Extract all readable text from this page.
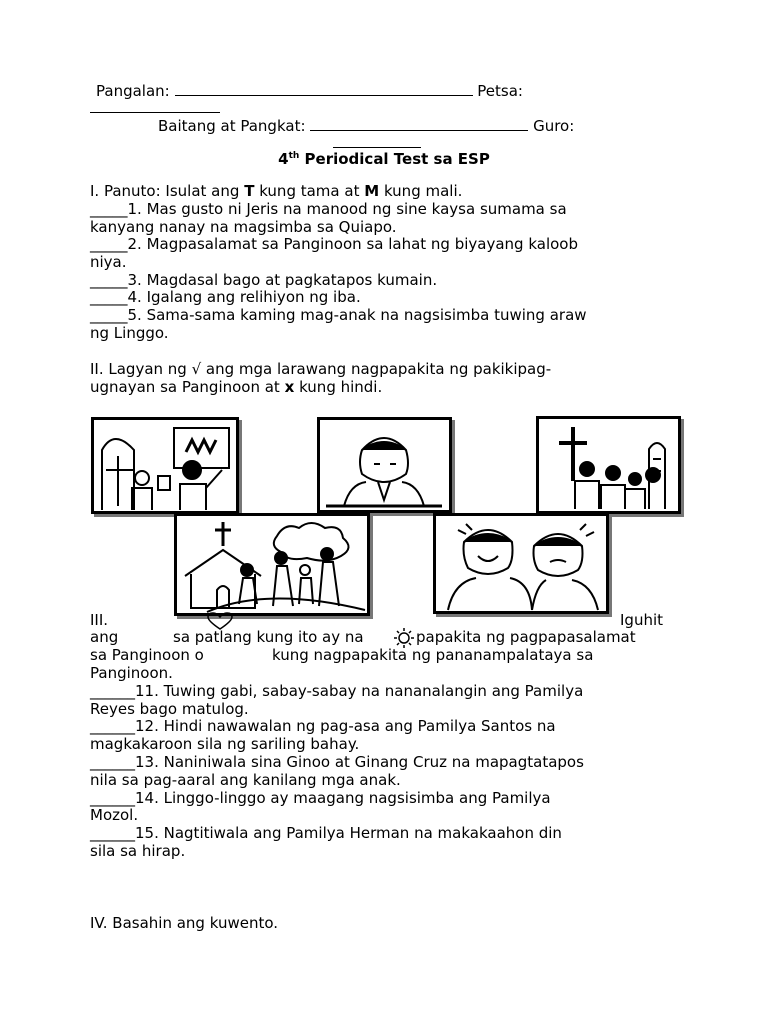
Pangalan:	Petsa:
Baitang at Pangkat:	Guro:
4th Periodical Test sa ESP
I. Panuto: Isulat ang T kung tama at M kung mali.
_____1. Mas gusto ni Jeris na manood ng sine kaysa sumama sa
kanyang nanay na magsimba sa Quiapo.
_____2. Magpasalamat sa Panginoon sa lahat ng biyayang kaloob
niya.
_____3. Magdasal bago at pagkatapos kumain.
_____4. Igalang ang relihiyon ng iba.
_____5. Sama-sama kaming mag-anak na nagsisimba tuwing araw
ng Linggo.
II. Lagyan ng √ ang mga larawang nagpapakita ng pakikipag-
ugnayan sa Panginoon at x kung hindi.
III.	Iguhit
ang	sa patlang kung ito ay na	papakita ng pagpapasalamat
sa Panginoon o	kung nagpapakita ng pananampalataya sa
Panginoon.
______11. Tuwing gabi, sabay-sabay na nananalangin ang Pamilya
Reyes bago matulog.
______12. Hindi nawawalan ng pag-asa ang Pamilya Santos na
magkakaroon sila ng sariling bahay.
______13. Naniniwala sina Ginoo at Ginang Cruz na mapagtatapos
nila sa pag-aaral ang kanilang mga anak.
______14. Linggo-linggo ay maagang nagsisimba ang Pamilya
Mozol.
______15. Nagtitiwala ang Pamilya Herman na makakaahon din
sila sa hirap.
IV. Basahin ang kuwento.
